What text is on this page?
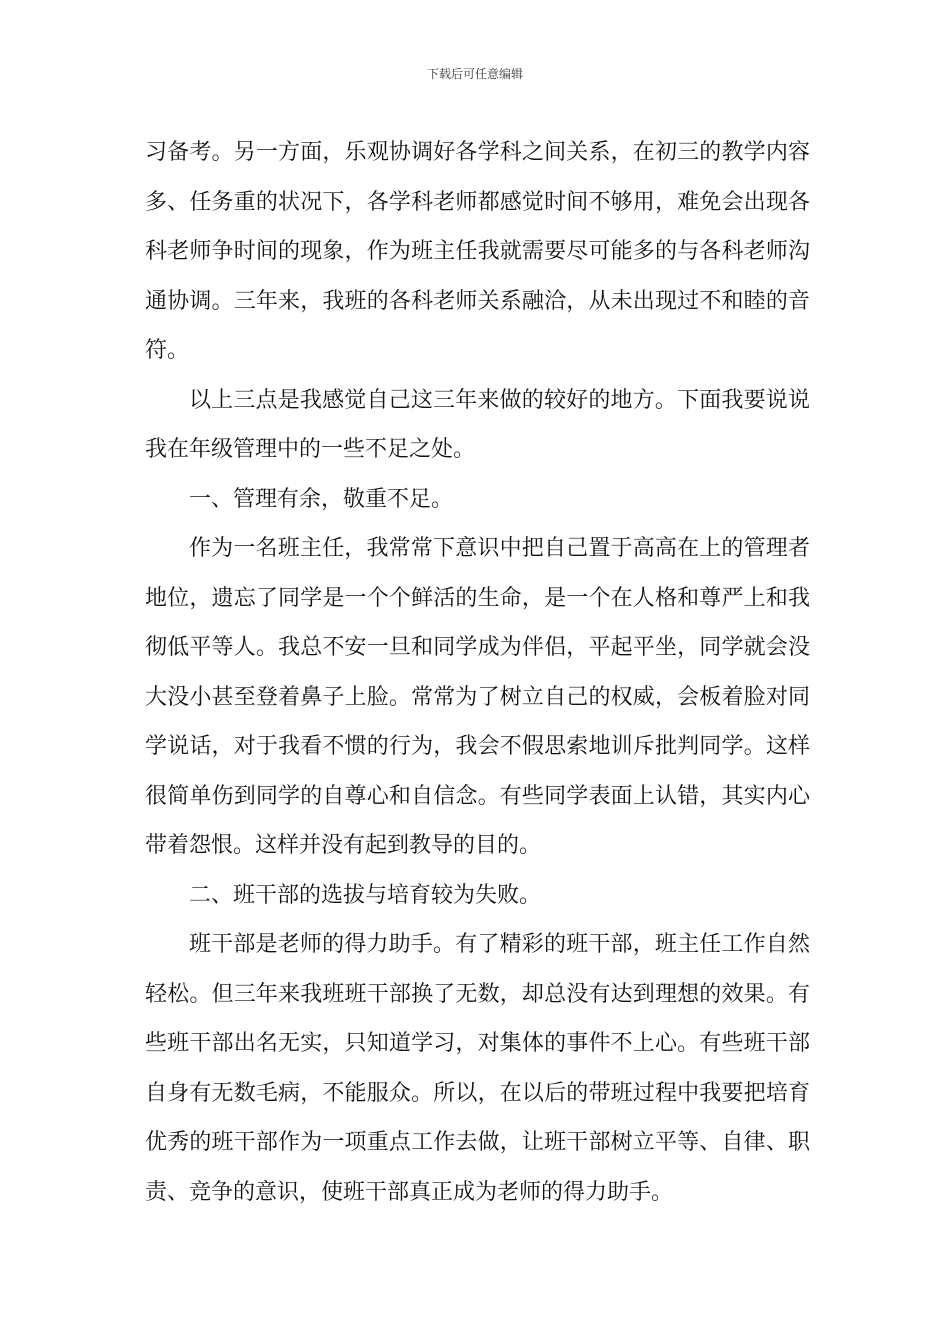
下载后可任意编辑

习备考。另一方面，乐观协调好各学科之间关系，在初三的教学内容多、任务重的状况下，各学科老师都感觉时间不够用，难免会出现各科老师争时间的现象，作为班主任我就需要尽可能多的与各科老师沟通协调。三年来，我班的各科老师关系融洽，从未出现过不和睦的音符。

以上三点是我感觉自己这三年来做的较好的地方。下面我要说说我在年级管理中的一些不足之处。

一、管理有余，敬重不足。

作为一名班主任，我常常下意识中把自己置于高高在上的管理者地位，遗忘了同学是一个个鲜活的生命，是一个在人格和尊严上和我彻低平等人。我总不安一旦和同学成为伴侣，平起平坐，同学就会没大没小甚至登着鼻子上脸。常常为了树立自己的权威，会板着脸对同学说话，对于我看不惯的行为，我会不假思索地训斥批判同学。这样很简单伤到同学的自尊心和自信念。有些同学表面上认错，其实内心带着怨恨。这样并没有起到教导的目的。

二、班干部的选拔与培育较为失败。

班干部是老师的得力助手。有了精彩的班干部，班主任工作自然轻松。但三年来我班班干部换了无数，却总没有达到理想的效果。有些班干部出名无实，只知道学习，对集体的事件不上心。有些班干部自身有无数毛病，不能服众。所以，在以后的带班过程中我要把培育优秀的班干部作为一项重点工作去做，让班干部树立平等、自律、职责、竞争的意识，使班干部真正成为老师的得力助手。
